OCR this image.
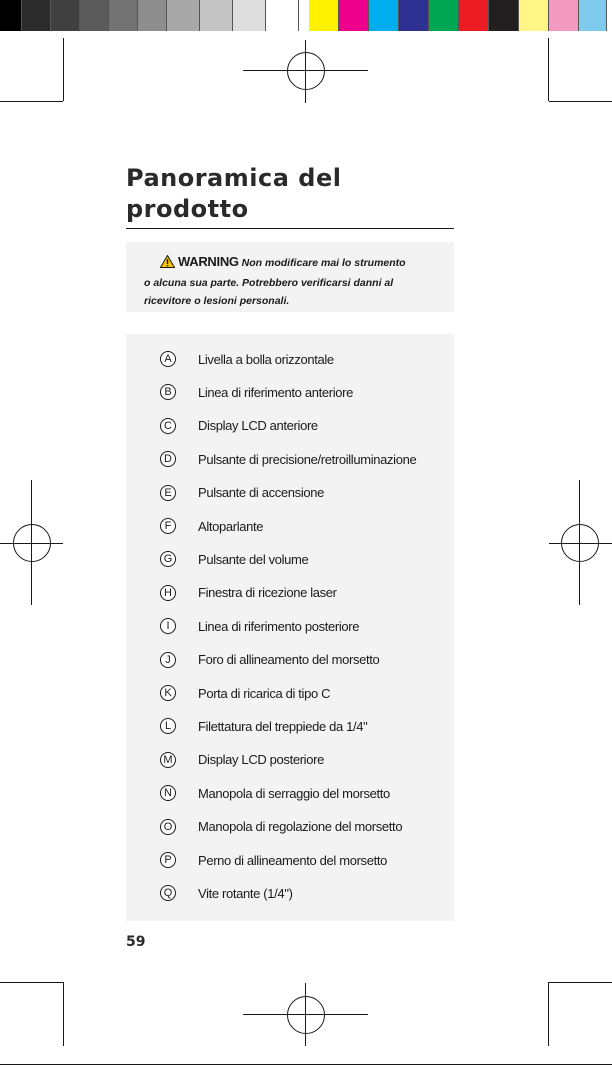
Panoramica del prodotto
WARNING Non modificare mai lo strumento o alcuna sua parte. Potrebbero verificarsi danni al ricevitore o lesioni personali.
A	Livella a bolla orizzontale
B	Linea di riferimento anteriore
C	Display LCD anteriore
D	Pulsante di precisione/retroilluminazione
E	Pulsante di accensione
F	Altoparlante
G Pulsante del volume
H	Finestra di ricezione laser
I	Linea di riferimento posteriore
J	Foro di allineamento del morsetto
K	Porta di ricarica di tipo C
L	Filettatura del treppiede da 1/4"
M Display LCD posteriore
N	Manopola di serraggio del morsetto
O Manopola di regolazione del morsetto
P	Perno di allineamento del morsetto
Q Vite rotante (1/4")
59
